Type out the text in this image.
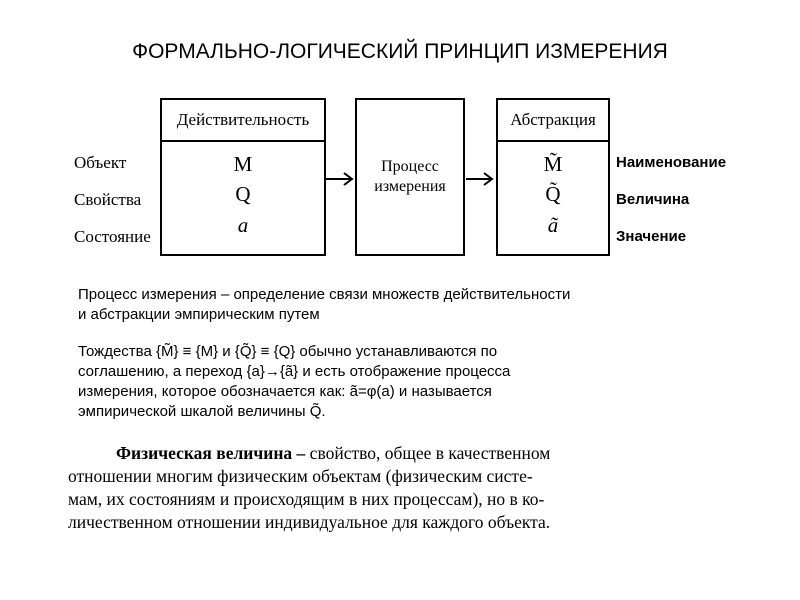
ФОРМАЛЬНО-ЛОГИЧЕСКИЙ ПРИНЦИП ИЗМЕРЕНИЯ
Объект
Свойства
Состояние
Действительность
M
Q
a
Процесс
измерения
Абстракция
M̃
Q̃
ã
Наименование
Величина
Значение
Процесс измерения – определение связи множеств действительности
и абстракции эмпирическим путем
Тождества {M̃} ≡ {M} и {Q̃} ≡ {Q} обычно устанавливаются по
соглашению, а переход {a}→{ã} и есть отображение процесса
измерения, которое обозначается как: ã=φ(a) и называется
эмпирической шкалой величины Q̃.
Физическая величина – свойство, общее в качественном
отношении многим физическим объектам (физическим систе-
мам, их состояниям и происходящим в них процессам), но в ко-
личественном отношении индивидуальное для каждого объекта.
